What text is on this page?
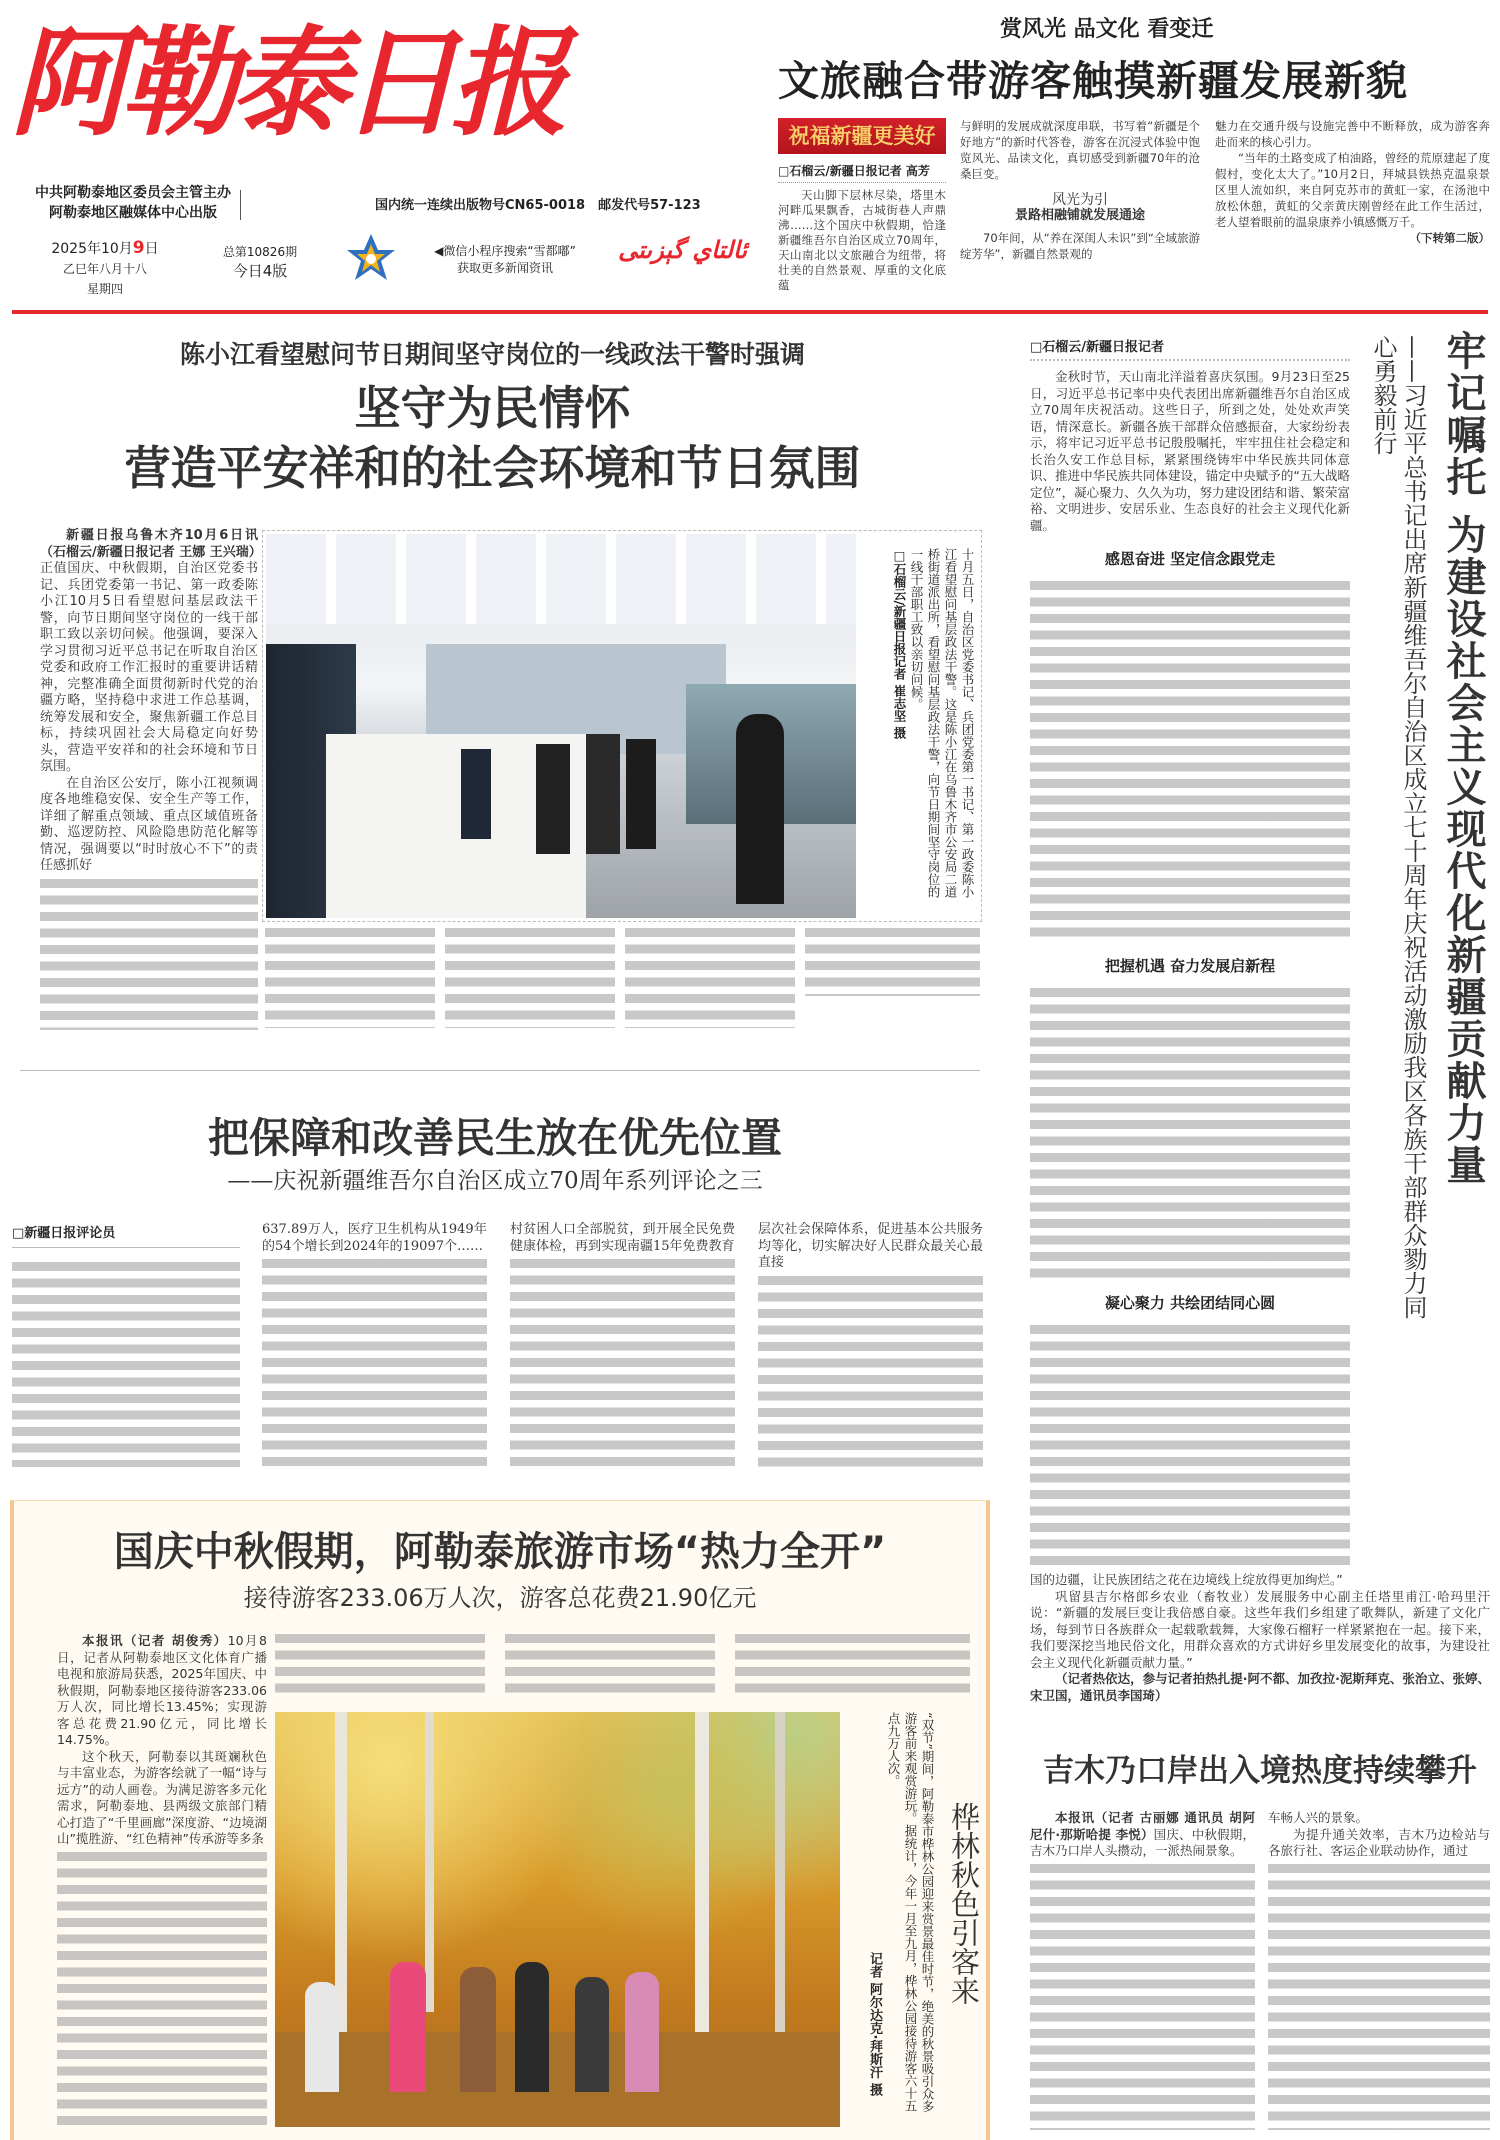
阿勒泰日报
中共阿勒泰地区委员会主管主办
阿勒泰地区融媒体中心出版	国内统一连续出版物号CN65-0018　邮发代号57-123
2025年10月9日
乙巳年八月十八
星期四
总第10826期
今日4版
◀微信小程序搜索“雪都嘟”
获取更多新闻资讯
ئالتاي گېزىتى
赏风光 品文化 看变迁
文旅融合带游客触摸新疆发展新貌
祝福新疆更美好
□石榴云/新疆日报记者 高芳

天山脚下层林尽染，塔里木河畔瓜果飘香，古城街巷人声鼎沸……这个国庆中秋假期，恰逢新疆维吾尔自治区成立70周年，天山南北以文旅融合为纽带，将壮美的自然景观、厚重的文化底蕴

与鲜明的发展成就深度串联，书写着“新疆是个好地方”的新时代答卷，游客在沉浸式体验中饱览风光、品读文化，真切感受到新疆70年的沧桑巨变。

风光为引
景路相融铺就发展通途

70年间，从“养在深闺人未识”到“全域旅游绽芳华”，新疆自然景观的

魅力在交通升级与设施完善中不断释放，成为游客奔赴而来的核心引力。

“当年的土路变成了柏油路，曾经的荒原建起了度假村，变化太大了。”10月2日，拜城县铁热克温泉景区里人流如织，来自阿克苏市的黄虹一家，在汤池中放松休憩，黄虹的父亲黄庆刚曾经在此工作生活过，老人望着眼前的温泉康养小镇感慨万千。

（下转第二版）
陈小江看望慰问节日期间坚守岗位的一线政法干警时强调
坚守为民情怀
营造平安祥和的社会环境和节日氛围

新疆日报乌鲁木齐10月6日讯（石榴云/新疆日报记者 王娜 王兴瑞）正值国庆、中秋假期，自治区党委书记、兵团党委第一书记、第一政委陈小江10月5日看望慰问基层政法干警，向节日期间坚守岗位的一线干部职工致以亲切问候。他强调，要深入学习贯彻习近平总书记在听取自治区党委和政府工作汇报时的重要讲话精神，完整准确全面贯彻新时代党的治疆方略，坚持稳中求进工作总基调，统筹发展和安全，聚焦新疆工作总目标，持续巩固社会大局稳定向好势头，营造平安祥和的社会环境和节日氛围。

在自治区公安厅，陈小江视频调度各地维稳安保、安全生产等工作，详细了解重点领域、重点区域值班备勤、巡逻防控、风险隐患防范化解等情况，强调要以“时时放心不下”的责任感抓好	十月五日，自治区党委书记、兵团党委第一书记、第一政委陈小江看望慰问基层政法干警。这是陈小江在乌鲁木齐市公安局二道桥街道派出所，看望慰问基层政法干警，向节日期间坚守岗位的一线干部职工致以亲切问候。
□石榴云/新疆日报记者 崔志坚 摄
把保障和改善民生放在优先位置
——庆祝新疆维吾尔自治区成立70周年系列评论之三
□新疆日报评论员	637.89万人，医疗卫生机构从1949年的54个增长到2024年的19097个……

村贫困人口全部脱贫，到开展全民免费健康体检，再到实现南疆15年免费教育

层次社会保障体系，促进基本公共服务均等化，切实解决好人民群众最关心最直接

牢记嘱托 为建设社会主义现代化新疆贡献力量
——习近平总书记出席新疆维吾尔自治区成立七十周年庆祝活动激励我区各族干部群众勠力同心勇毅前行
□石榴云/新疆日报记者

金秋时节，天山南北洋溢着喜庆氛围。9月23日至25日，习近平总书记率中央代表团出席新疆维吾尔自治区成立70周年庆祝活动。这些日子，所到之处，处处欢声笑语，情深意长。新疆各族干部群众倍感振奋，大家纷纷表示，将牢记习近平总书记殷殷嘱托，牢牢扭住社会稳定和长治久安工作总目标，紧紧围绕铸牢中华民族共同体意识、推进中华民族共同体建设，锚定中央赋予的“五大战略定位”，凝心聚力、久久为功，努力建设团结和谐、繁荣富裕、文明进步、安居乐业、生态良好的社会主义现代化新疆。

感恩奋进 坚定信念跟党走
把握机遇 奋力发展启新程
凝心聚力 共绘团结同心圆

国的边疆，让民族团结之花在边境线上绽放得更加绚烂。”

巩留县吉尔格郎乡农业（畜牧业）发展服务中心副主任塔里甫江·哈玛里汗说：“新疆的发展巨变让我倍感自豪。这些年我们乡组建了歌舞队，新建了文化广场，每到节日各族群众一起载歌载舞，大家像石榴籽一样紧紧抱在一起。接下来，我们要深挖当地民俗文化，用群众喜欢的方式讲好乡里发展变化的故事，为建设社会主义现代化新疆贡献力量。”

（记者热依达，参与记者拍热扎提·阿不都、加孜拉·泥斯拜克、张治立、张婷、宋卫国，通讯员李国琦）

国庆中秋假期，阿勒泰旅游市场“热力全开”
接待游客233.06万人次，游客总花费21.90亿元

本报讯（记者 胡俊秀）10月8日，记者从阿勒泰地区文化体育广播电视和旅游局获悉，2025年国庆、中秋假期，阿勒泰地区接待游客233.06万人次，同比增长13.45%；实现游客总花费21.90亿元，同比增长14.75%。

这个秋天，阿勒泰以其斑斓秋色与丰富业态，为游客绘就了一幅“诗与远方”的动人画卷。为满足游客多元化需求，阿勒泰地、县两级文旅部门精心打造了“千里画廊”深度游、“边境湖山”揽胜游、“红色精神”传承游等多条	桦林秋色引客来
“双节”期间，阿勒泰市桦林公园迎来赏景最佳时节，绝美的秋景吸引众多游客前来观赏游玩。据统计，今年一月至九月，桦林公园接待游客六十五点九万人次。
记者 阿尔达克·拜斯汗 摄
吉木乃口岸出入境热度持续攀升

本报讯（记者 古丽娜 通讯员 胡阿尼什·那斯哈提 李悦）国庆、中秋假期，吉木乃口岸人头攒动，一派热闹景象。

车畅人兴的景象。

为提升通关效率，吉木乃边检站与各旅行社、客运企业联动协作，通过
